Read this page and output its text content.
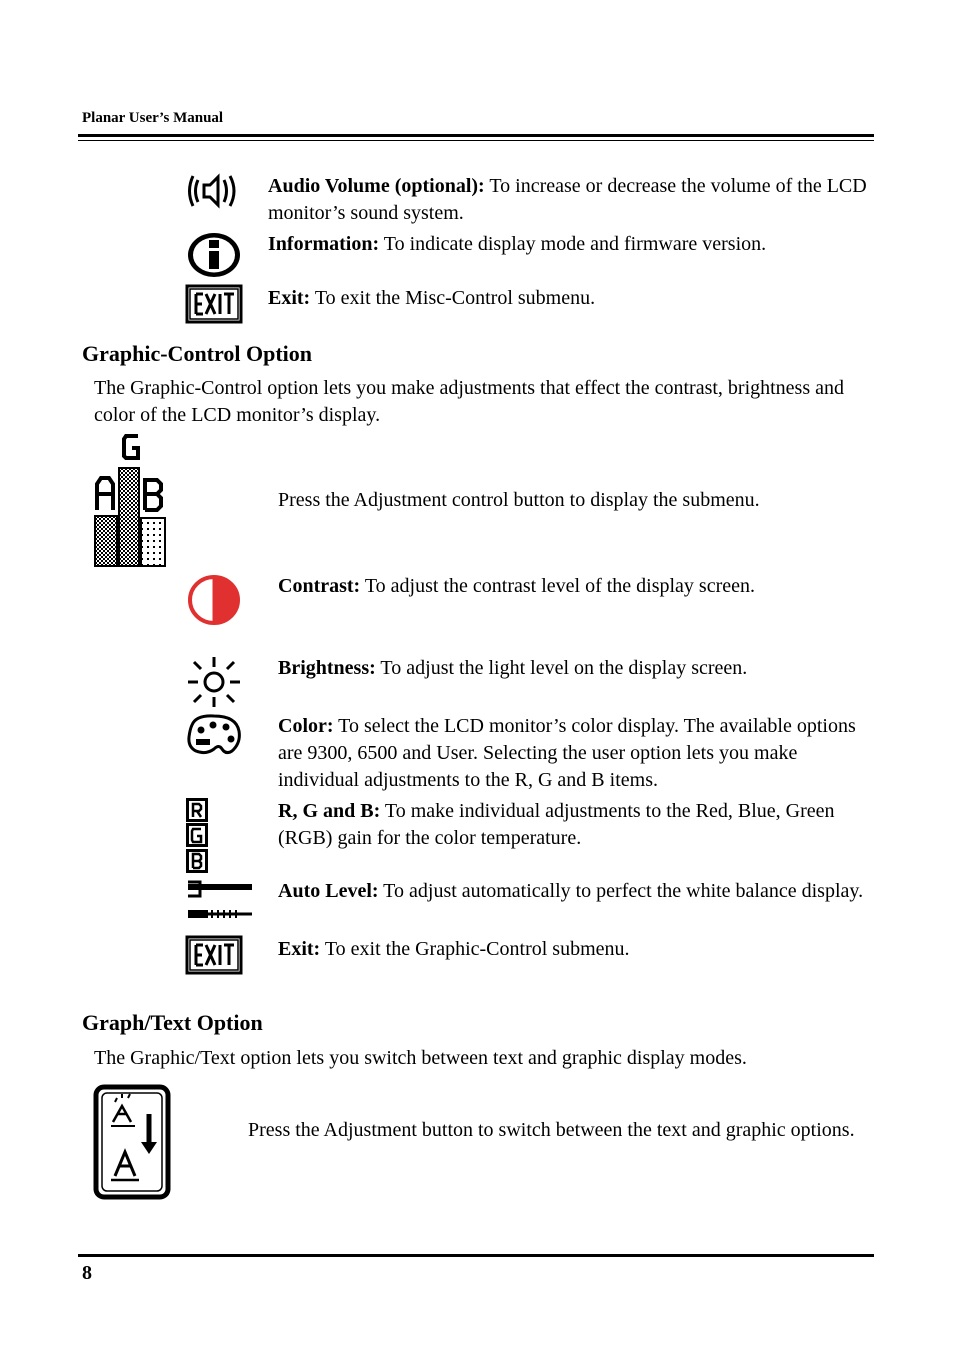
Planar User’s Manual
Audio Volume (optional): To increase or decrease the volume of the LCD monitor’s sound system.
Information: To indicate display mode and firmware version.
Exit: To exit the Misc-Control submenu.
Graphic-Control Option
The Graphic-Control option lets you make adjustments that effect the contrast, brightness and color of the LCD monitor’s display.
Press the Adjustment control button to display the submenu.
Contrast: To adjust the contrast level of the display screen.
Brightness: To adjust the light level on the display screen.
Color: To select the LCD monitor’s color display. The available options are 9300, 6500 and User. Selecting the user option lets you make individual adjustments to the R, G and B items.
R, G and B: To make individual adjustments to the Red, Blue, Green (RGB) gain for the color temperature.
Auto Level: To adjust automatically to perfect the white balance display.
Exit: To exit the Graphic-Control submenu.
Graph/Text Option
The Graphic/Text option lets you switch between text and graphic display modes.
Press the Adjustment button to switch between the text and graphic options.
8
